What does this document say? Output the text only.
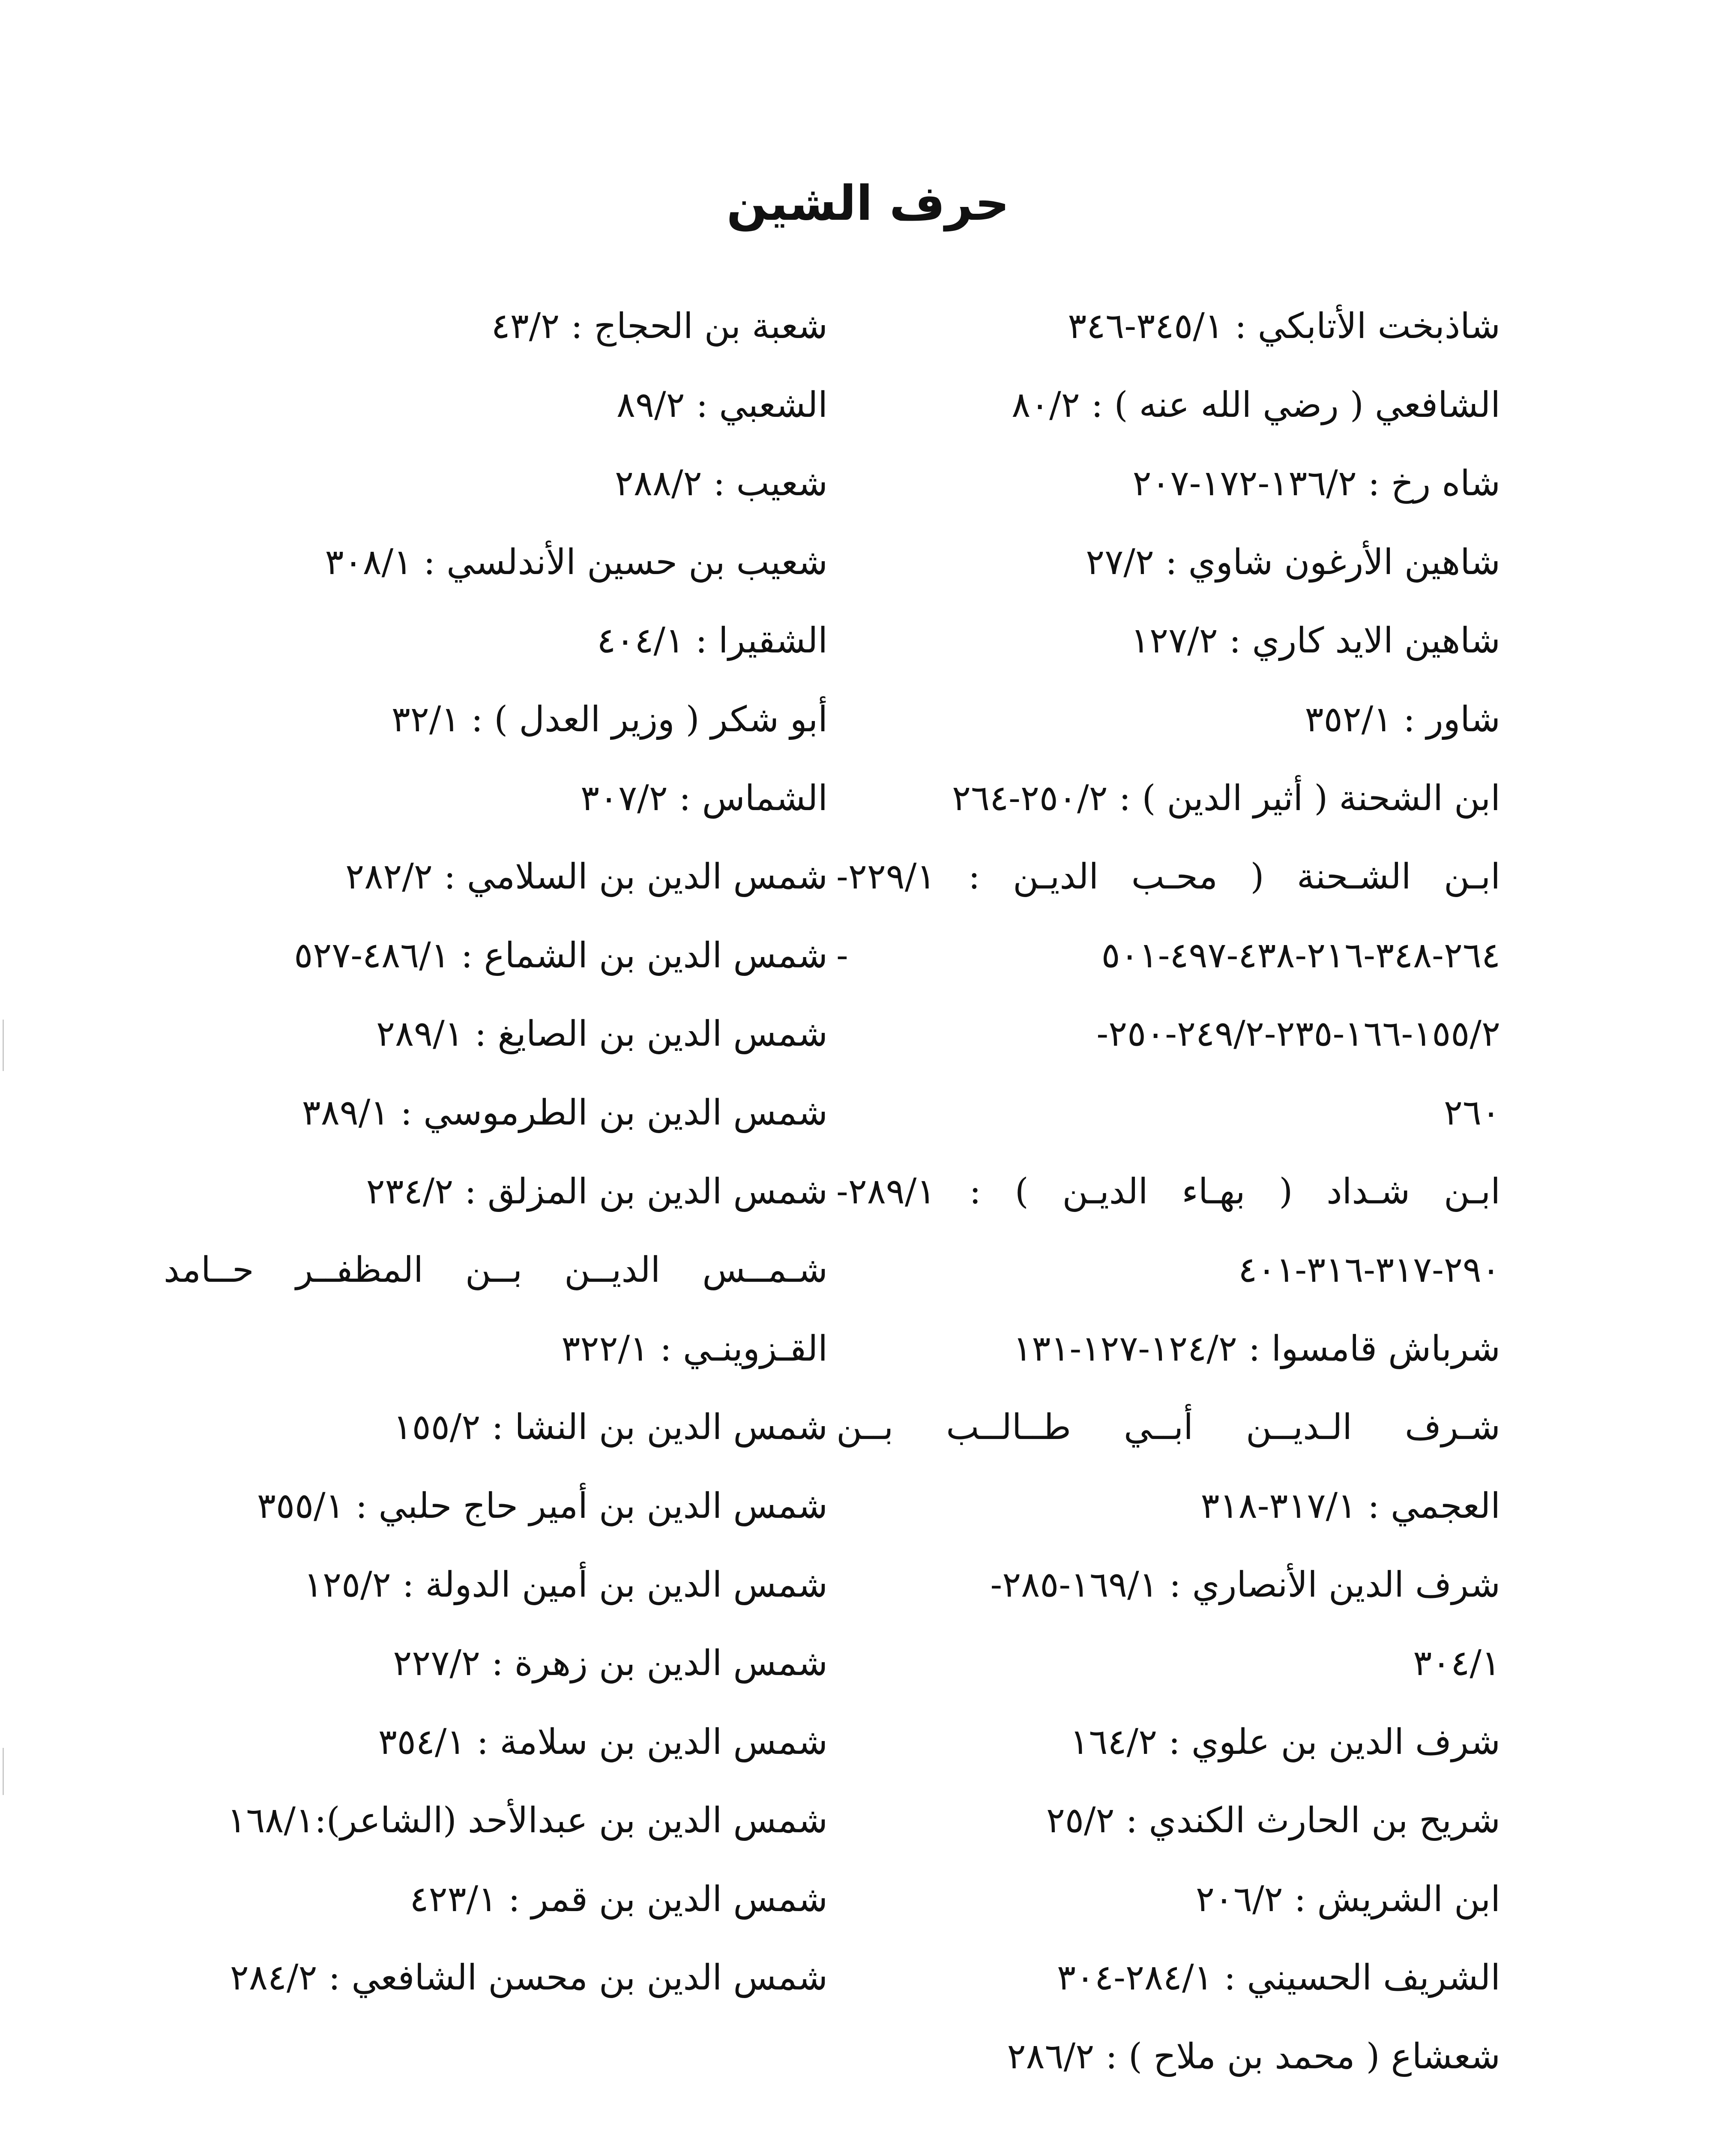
حرف الشين
شاذبخت الأتابكي : ٣٤٥/١-٣٤٦
الشافعي ( رضي الله عنه ) : ٨٠/٢
شاه رخ : ١٣٦/٢-١٧٢-٢٠٧
شاهين الأرغون شاوي : ٢٧/٢
شاهين الايد كاري : ١٢٧/٢
شاور : ٣٥٢/١
ابن الشحنة ( أثير الدين ) : ٢٥٠/٢-٢٦٤
ابـن الشـحنة ( محـب الديـن : ٢٢٩/١-
٢٦٤-٣٤٨-٢١٦-٤٣٨-٤٩٧-٥٠١ -
١٥٥/٢-١٦٦-٢٣٥-٢٤٩/٢-٢٥٠-
٢٦٠
ابـن شـداد ( بهـاء الديـن ) : ٢٨٩/١-
٢٩٠-٣١٧-٣١٦-٤٠١
شرباش قامسوا : ١٢٤/٢-١٢٧-١٣١
شـرف الـديــن أبــي طــالــب بــن
العجمي : ٣١٧/١-٣١٨
شرف الدين الأنصاري : ١٦٩/١-٢٨٥-
٣٠٤/١
شرف الدين بن علوي : ١٦٤/٢
شريح بن الحارث الكندي : ٢٥/٢
ابن الشريش : ٢٠٦/٢
الشريف الحسيني : ٢٨٤/١-٣٠٤
شعشاع ( محمد بن ملاح ) : ٢٨٦/٢
شعبة بن الحجاج : ٤٣/٢
الشعبي : ٨٩/٢
شعيب : ٢٨٨/٢
شعيب بن حسين الأندلسي : ٣٠٨/١
الشقيرا : ٤٠٤/١
أبو شكر ( وزير العدل ) : ٣٢/١
الشماس : ٣٠٧/٢
شمس الدين بن السلامي : ٢٨٢/٢
شمس الدين بن الشماع : ٤٨٦/١-٥٢٧
شمس الدين بن الصايغ : ٢٨٩/١
شمس الدين بن الطرموسي : ٣٨٩/١
شمس الدين بن المزلق : ٢٣٤/٢
شـمــس الديــن بــن المظفــر حــامد
القـزوينـي : ٣٢٢/١
شمس الدين بن النشا : ١٥٥/٢
شمس الدين بن أمير حاج حلبي : ٣٥٥/١
شمس الدين بن أمين الدولة : ١٢٥/٢
شمس الدين بن زهرة : ٢٢٧/٢
شمس الدين بن سلامة : ٣٥٤/١
شمس الدين بن عبدالأحد (الشاعر):١٦٨/١
شمس الدين بن قمر : ٤٢٣/١
شمس الدين بن محسن الشافعي : ٢٨٤/٢
